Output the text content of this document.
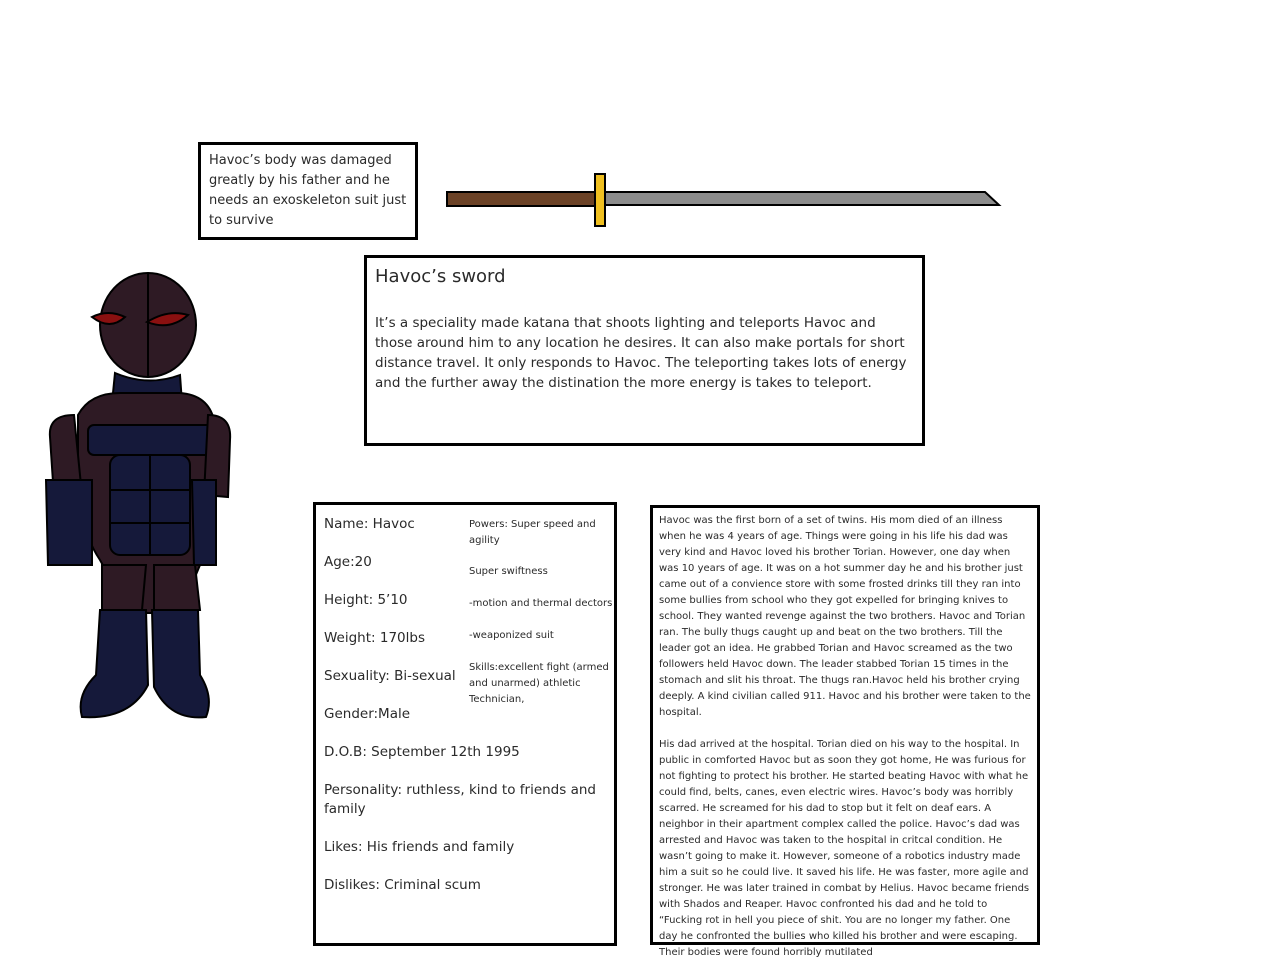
Havoc’s body was damaged greatly by his father and he needs an exoskeleton suit just to survive
Havoc’s sword
It’s a speciality made katana that shoots lighting and teleports Havoc and those around him to any location he desires. It can also make portals for short distance travel. It only responds to Havoc. The teleporting takes lots of energy and the further away the distination the more energy is takes to teleport.
Name: Havoc
Age:20
Height: 5’10
Weight: 170lbs
Sexuality: Bi-sexual
Gender:Male
D.O.B: September 12th 1995
Personality: ruthless, kind to friends and family
Likes: His friends and family
Dislikes: Criminal scum
Powers: Super speed and agility
Super swiftness
-motion and thermal dectors
-weaponized suit
Skills:excellent fight (armed and unarmed) athletic Technician,

Havoc was the first born of a set of twins. His mom died of an illness when he was 4 years of age. Things were going in his life his dad was very kind and Havoc loved his brother Torian. However, one day when was 10 years of age. It was on a hot summer day he and his brother just came out of a convience store with some frosted drinks till they ran into some bullies from school who they got expelled for bringing knives to school. They wanted revenge against the two brothers. Havoc and Torian ran. The bully thugs caught up and beat on the two brothers. Till the leader got an idea. He grabbed Torian and Havoc screamed as the two followers held Havoc down. The leader stabbed Torian 15 times in the stomach and slit his throat. The thugs ran.Havoc held his brother crying deeply. A kind civilian called 911. Havoc and his brother were taken to the hospital.

His dad arrived at the hospital. Torian died on his way to the hospital. In public in comforted Havoc but as soon they got home, He was furious for not fighting to protect his brother. He started beating Havoc with what he could find, belts, canes, even electric wires. Havoc’s body was horribly scarred. He screamed for his dad to stop but it felt on deaf ears. A neighbor in their apartment complex called the police. Havoc’s dad was arrested and Havoc was taken to the hospital in critcal condition. He wasn’t going to make it. However, someone of a robotics industry made him a suit so he could live. It saved his life. He was faster, more agile and stronger. He was later trained in combat by Helius. Havoc became friends with Shados and Reaper. Havoc confronted his dad and he told to “Fucking rot in hell you piece of shit. You are no longer my father. One day he confronted the bullies who killed his brother and were escaping. Their bodies were found horribly mutilated
